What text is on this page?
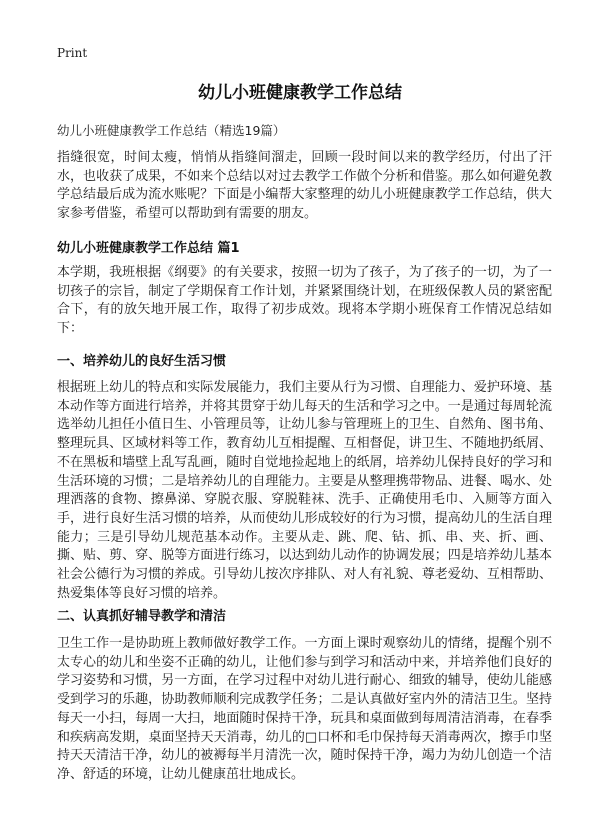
Print
幼儿小班健康教学工作总结
幼儿小班健康教学工作总结（精选19篇）

指缝很宽，时间太瘦，悄悄从指缝间溜走，回顾一段时间以来的教学经历，付出了汗水，也收获了成果，不如来个总结以对过去教学工作做个分析和借鉴。那么如何避免教学总结最后成为流水账呢？下面是小编帮大家整理的幼儿小班健康教学工作总结，供大家参考借鉴，希望可以帮助到有需要的朋友。

幼儿小班健康教学工作总结 篇1

本学期，我班根据《纲要》的有关要求，按照一切为了孩子，为了孩子的一切，为了一切孩子的宗旨，制定了学期保育工作计划，并紧紧围绕计划，在班级保教人员的紧密配合下，有的放矢地开展工作，取得了初步成效。现将本学期小班保育工作情况总结如下：

一、培养幼儿的良好生活习惯

根据班上幼儿的特点和实际发展能力，我们主要从行为习惯、自理能力、爱护环境、基本动作等方面进行培养，并将其贯穿于幼儿每天的生活和学习之中。一是通过每周轮流选举幼儿担任小值日生、小管理员等，让幼儿参与管理班上的卫生、自然角、图书角、整理玩具、区域材料等工作，教育幼儿互相提醒、互相督促，讲卫生、不随地扔纸屑、不在黑板和墙壁上乱写乱画，随时自觉地捡起地上的纸屑，培养幼儿保持良好的学习和生活环境的习惯；二是培养幼儿的自理能力。主要是从整理携带物品、进餐、喝水、处理洒落的食物、擦鼻涕、穿脱衣服、穿脱鞋袜、洗手、正确使用毛巾、入厕等方面入手，进行良好生活习惯的培养，从而使幼儿形成较好的行为习惯，提高幼儿的生活自理能力；三是引导幼儿规范基本动作。主要从走、跳、爬、钻、抓、串、夹、折、画、撕、贴、剪、穿、脱等方面进行练习，以达到幼儿动作的协调发展；四是培养幼儿基本社会公德行为习惯的养成。引导幼儿按次序排队、对人有礼貌、尊老爱幼、互相帮助、热爱集体等良好习惯的培养。

二、认真抓好辅导教学和清洁

卫生工作一是协助班上教师做好教学工作。一方面上课时观察幼儿的情绪，提醒个别不太专心的幼儿和坐姿不正确的幼儿，让他们参与到学习和活动中来，并培养他们良好的学习姿势和习惯，另一方面，在学习过程中对幼儿进行耐心、细致的辅导，使幼儿能感受到学习的乐趣，协助教师顺利完成教学任务；二是认真做好室内外的清洁卫生。坚持每天一小扫，每周一大扫，地面随时保持干净，玩具和桌面做到每周清洁消毒，在春季和疾病高发期，桌面坚持天天消毒，幼儿的□口杯和毛巾保持每天消毒两次，擦手巾坚持天天清洁干净，幼儿的被褥每半月清洗一次，随时保持干净，竭力为幼儿创造一个洁净、舒适的环境，让幼儿健康茁壮地成长。
